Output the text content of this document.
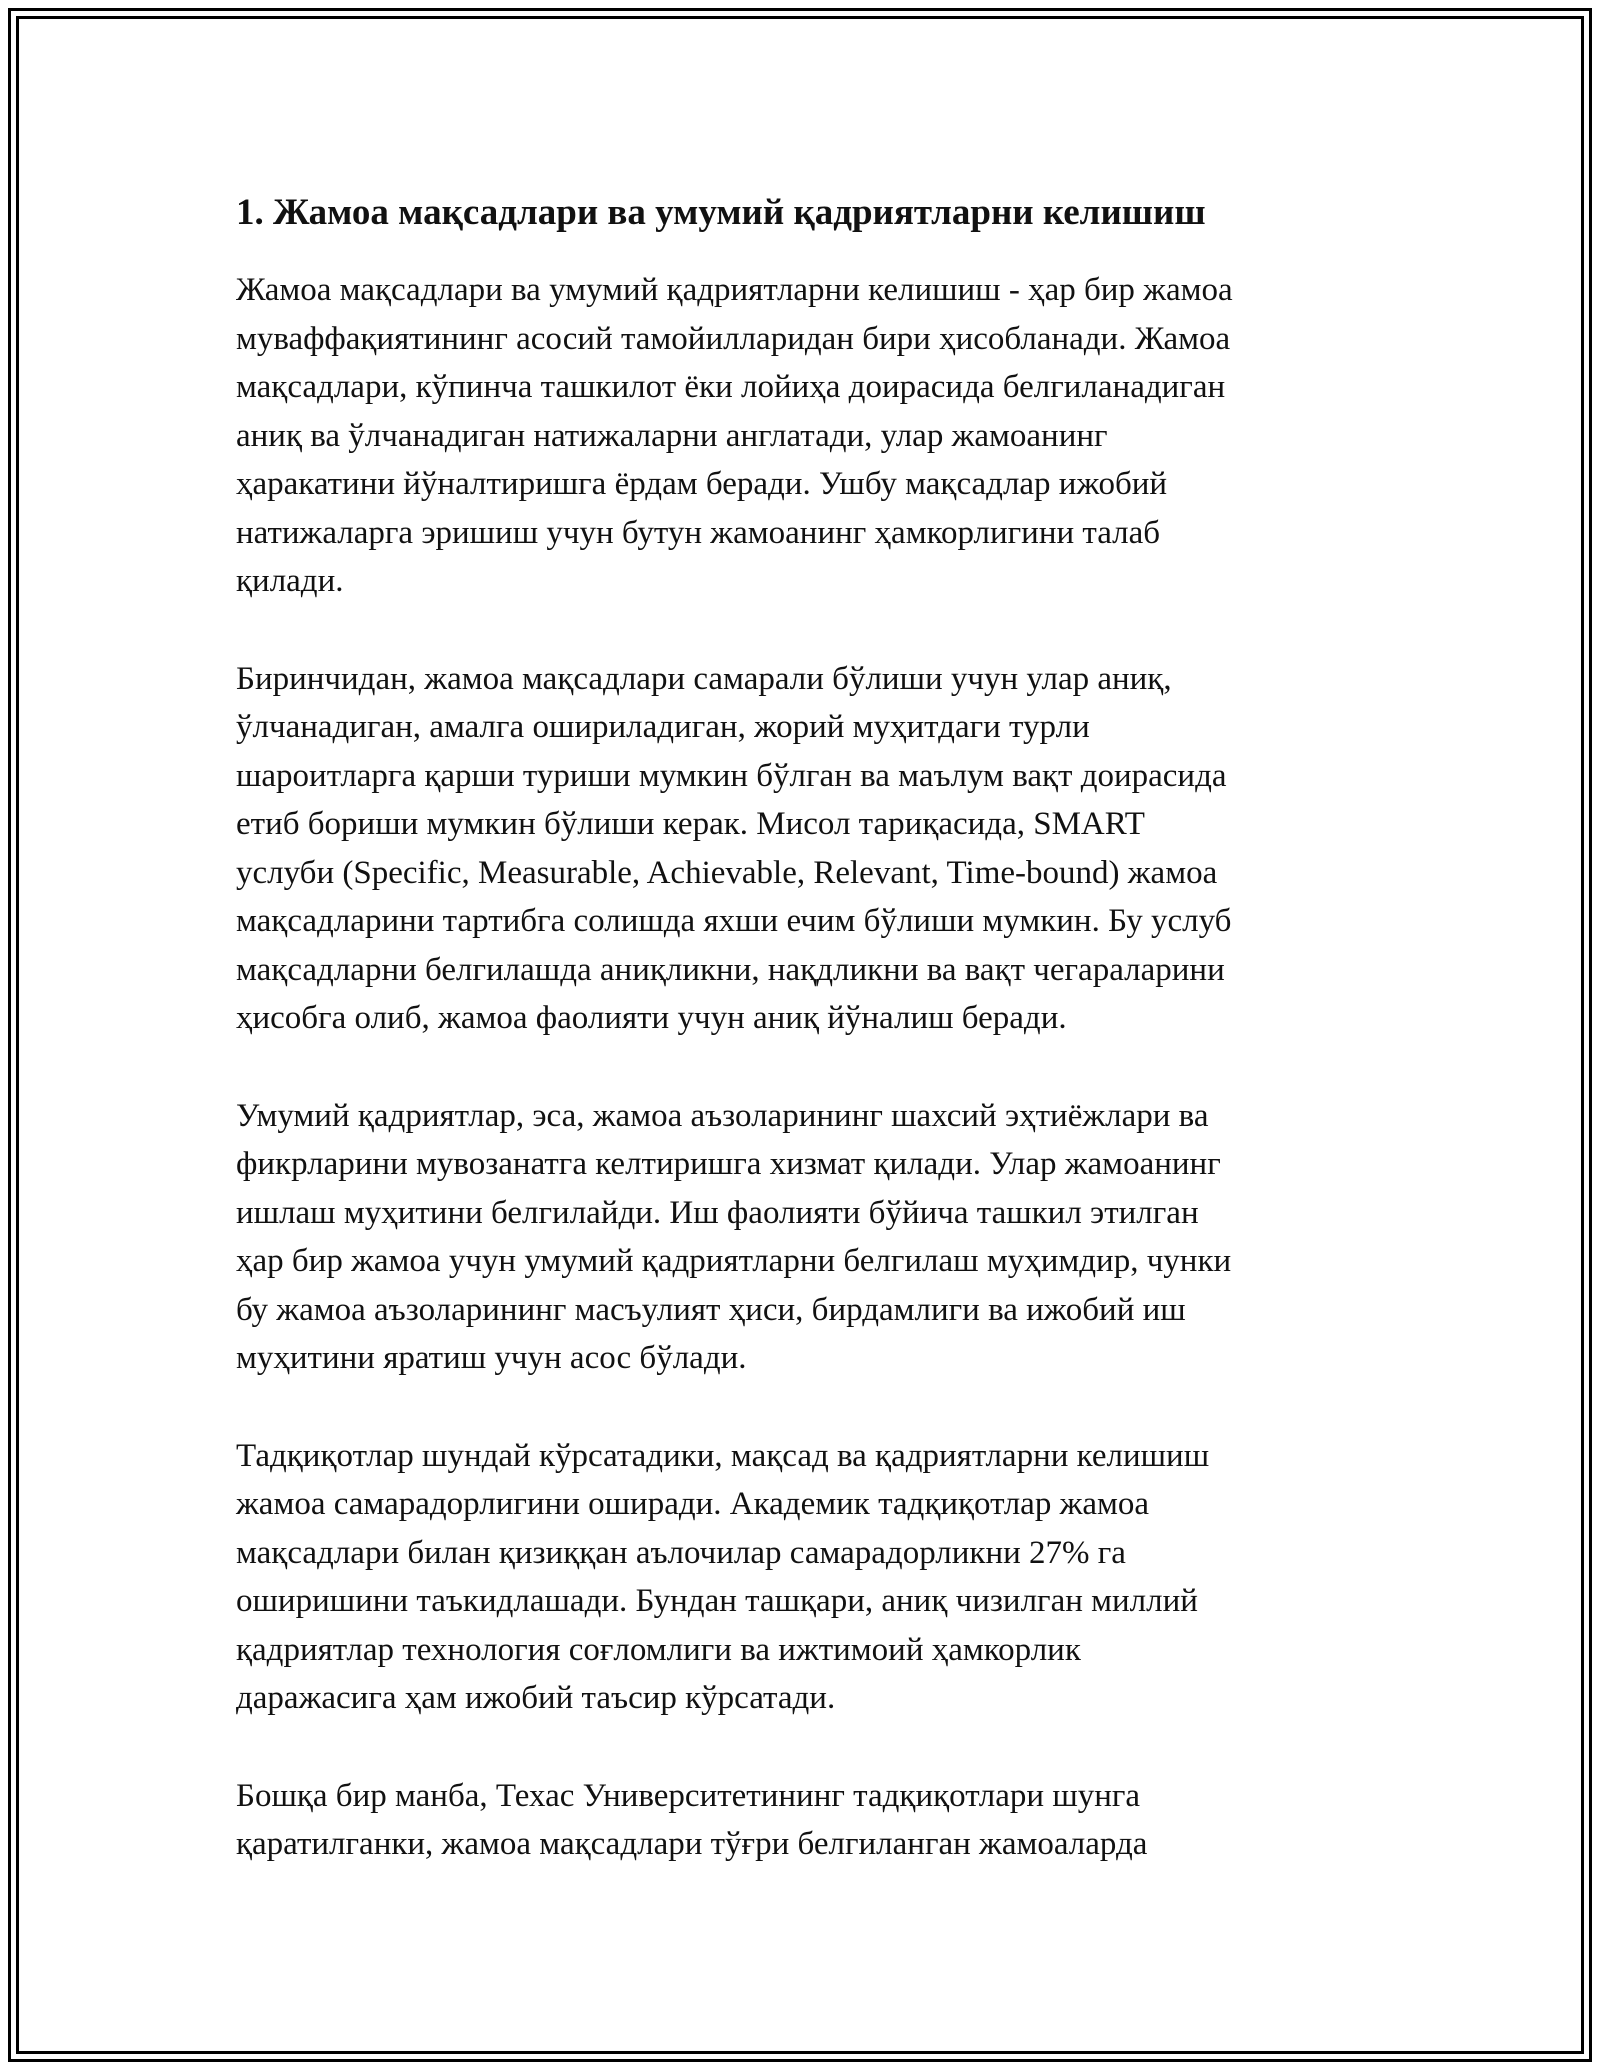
1. Жамоа мақсадлари ва умумий қадриятларни келишиш

Жамоа мақсадлари ва умумий қадриятларни келишиш - ҳар бир жамоа
муваффақиятининг асосий тамойилларидан бири ҳисобланади. Жамоа
мақсадлари, кўпинча ташкилот ёки лойиҳа доирасида белгиланадиган
аниқ ва ўлчанадиган натижаларни англатади, улар жамоанинг
ҳаракатини йўналтиришга ёрдам беради. Ушбу мақсадлар ижобий
натижаларга эришиш учун бутун жамоанинг ҳамкорлигини талаб
қилади.

Биринчидан, жамоа мақсадлари самарали бўлиши учун улар аниқ,
ўлчанадиган, амалга ошириладиган, жорий муҳитдаги турли
шароитларга қарши туриши мумкин бўлган ва маълум вақт доирасида
етиб бориши мумкин бўлиши керак. Мисол тариқасида, SMART
услуби (Specific, Measurable, Achievable, Relevant, Time-bound) жамоа
мақсадларини тартибга солишда яхши ечим бўлиши мумкин. Бу услуб
мақсадларни белгилашда аниқликни, нақдликни ва вақт чегараларини
ҳисобга олиб, жамоа фаолияти учун аниқ йўналиш беради.

Умумий қадриятлар, эса, жамоа аъзоларининг шахсий эҳтиёжлари ва
фикрларини мувозанатга келтиришга хизмат қилади. Улар жамоанинг
ишлаш муҳитини белгилайди. Иш фаолияти бўйича ташкил этилган
ҳар бир жамоа учун умумий қадриятларни белгилаш муҳимдир, чунки
бу жамоа аъзоларининг масъулият ҳиси, бирдамлиги ва ижобий иш
муҳитини яратиш учун асос бўлади.

Тадқиқотлар шундай кўрсатадики, мақсад ва қадриятларни келишиш
жамоа самарадорлигини оширади. Академик тадқиқотлар жамоа
мақсадлари билан қизиққан аълочилар самарадорликни 27% га
оширишини таъкидлашади. Бундан ташқари, аниқ чизилган миллий
қадриятлар технология соғломлиги ва ижтимоий ҳамкорлик
даражасига ҳам ижобий таъсир кўрсатади.

Бошқа бир манба, Техас Университетининг тадқиқотлари шунга
қаратилганки, жамоа мақсадлари тўғри белгиланган жамоаларда
